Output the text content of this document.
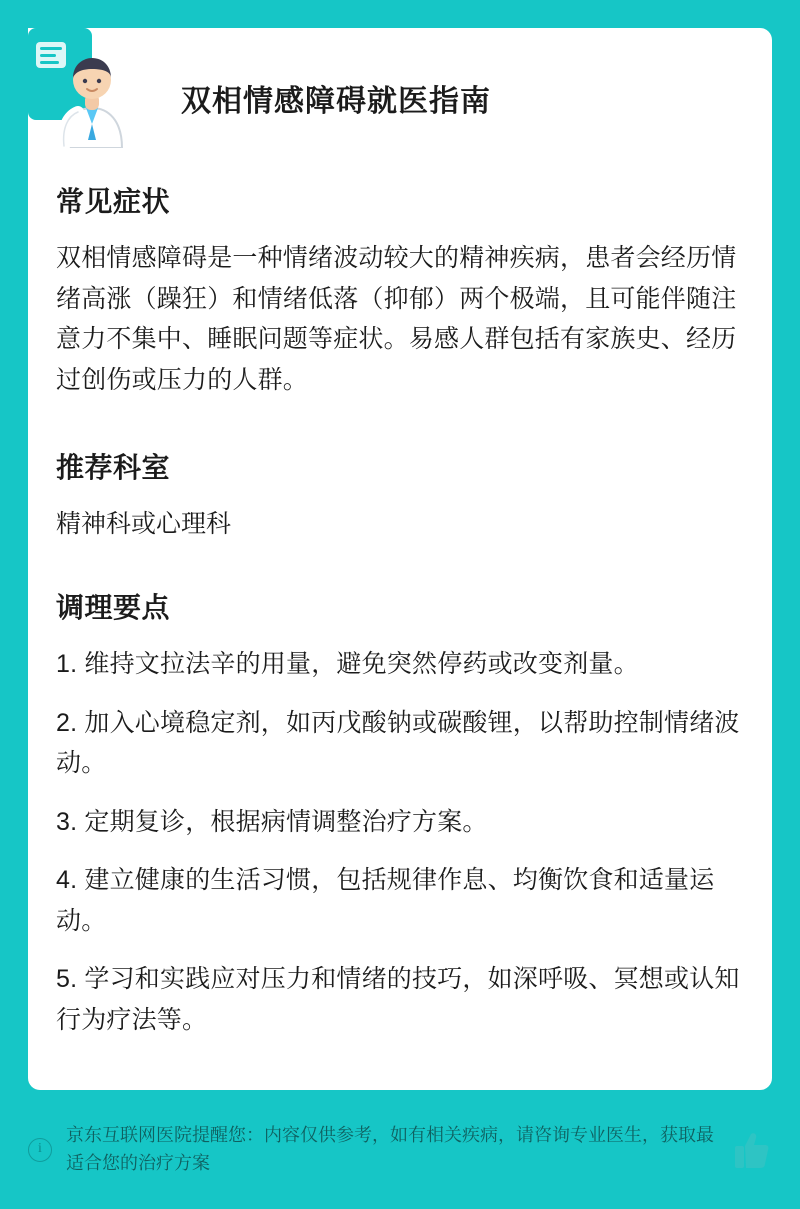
双相情感障碍就医指南
常见症状

双相情感障碍是一种情绪波动较大的精神疾病，患者会经历情绪高涨（躁狂）和情绪低落（抑郁）两个极端，且可能伴随注意力不集中、睡眠问题等症状。易感人群包括有家族史、经历过创伤或压力的人群。

推荐科室

精神科或心理科

调理要点

1. 维持文拉法辛的用量，避免突然停药或改变剂量。

2. 加入心境稳定剂，如丙戊酸钠或碳酸锂，以帮助控制情绪波动。

3. 定期复诊，根据病情调整治疗方案。

4. 建立健康的生活习惯，包括规律作息、均衡饮食和适量运动。

5. 学习和实践应对压力和情绪的技巧，如深呼吸、冥想或认知行为疗法等。

i
京东互联网医院提醒您：内容仅供参考，如有相关疾病，请咨询专业医生，获取最适合您的治疗方案
